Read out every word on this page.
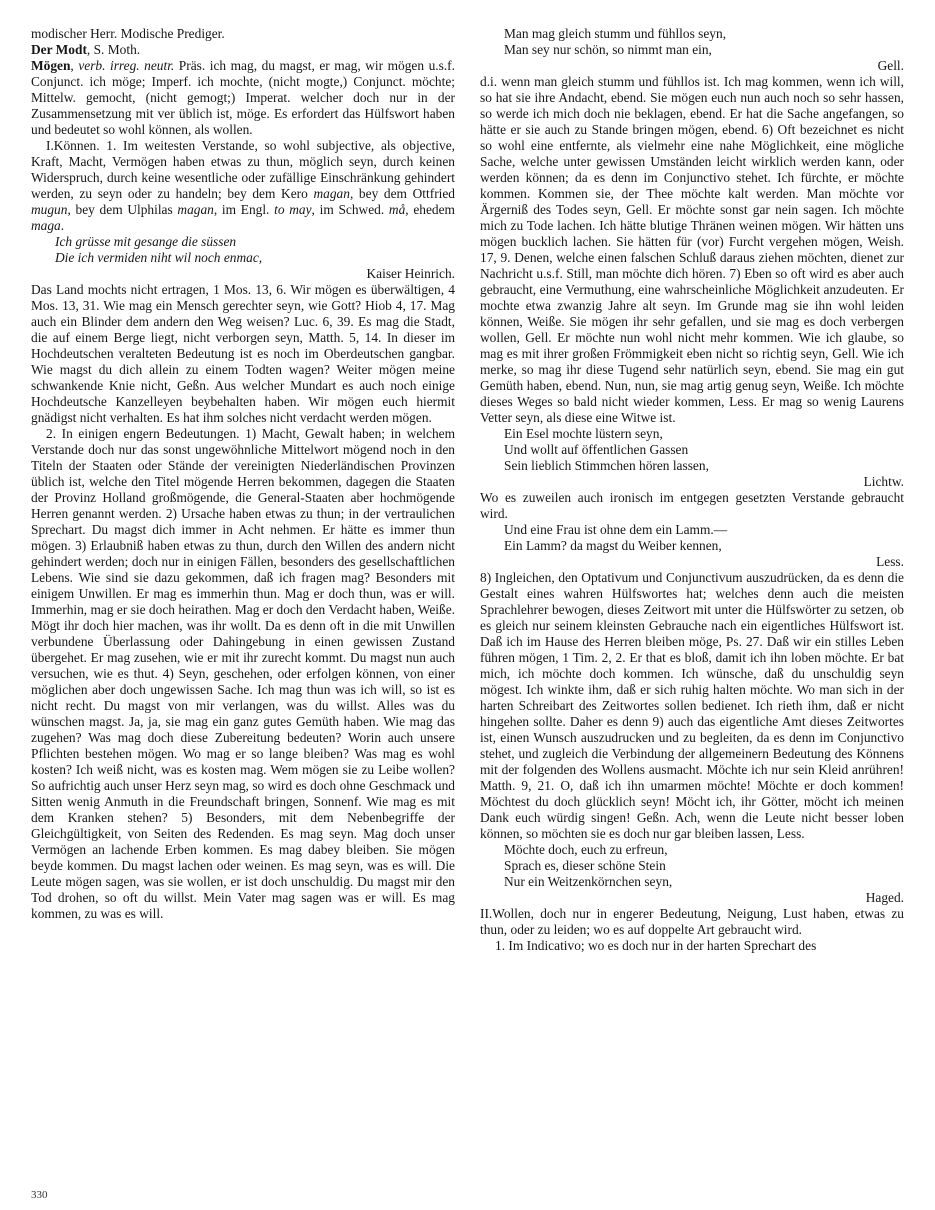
modischer Herr. Modische Prediger.
Der Modt, S. Moth.
Mögen, verb. irreg. neutr. Präs. ich mag, du magst, er mag, wir mögen u.s.f. Conjunct. ich möge; Imperf. ich mochte, (nicht mogte,) Conjunct. möchte; Mittelw. gemocht, (nicht gemogt;) Imperat. welcher doch nur in der Zusammensetzung mit ver üblich ist, möge. Es erfordert das Hülfswort haben und bedeutet so wohl können, als wollen.
I.Können. 1. Im weitesten Verstande, so wohl subjective, als objective, Kraft, Macht, Vermögen haben etwas zu thun, möglich seyn, durch keinen Widerspruch, durch keine wesentliche oder zufällige Einschränkung gehindert werden, zu seyn oder zu handeln; bey dem Kero magan, bey dem Ottfried mugun, bey dem Ulphilas magan, im Engl. to may, im Schwed. må, ehedem maga.
Ich grüsse mit gesange die süssen
Die ich vermiden niht wil noch enmac,
Kaiser Heinrich.
Das Land mochts nicht ertragen, 1 Mos. 13, 6. Wir mögen es überwältigen, 4 Mos. 13, 31. Wie mag ein Mensch gerechter seyn, wie Gott? Hiob 4, 17. Mag auch ein Blinder dem andern den Weg weisen? Luc. 6, 39. Es mag die Stadt, die auf einem Berge liegt, nicht verborgen seyn, Matth. 5, 14. In dieser im Hochdeutschen veralteten Bedeutung ist es noch im Oberdeutschen gangbar. Wie magst du dich allein zu einem Todten wagen? Weiter mögen meine schwankende Knie nicht, Geßn. Aus welcher Mundart es auch noch einige Hochdeutsche Kanzelleyen beybehalten haben. Wir mögen euch hiermit gnädigst nicht verhalten. Es hat ihm solches nicht verdacht werden mögen.
2. In einigen engern Bedeutungen. 1) Macht, Gewalt haben; in welchem Verstande doch nur das sonst ungewöhnliche Mittelwort mögend noch in den Titeln der Staaten oder Stände der vereinigten Niederländischen Provinzen üblich ist, welche den Titel mögende Herren bekommen, dagegen die Staaten der Provinz Holland großmögende, die General-Staaten aber hochmögende Herren genannt werden. 2) Ursache haben etwas zu thun; in der vertraulichen Sprechart. Du magst dich immer in Acht nehmen. Er hätte es immer thun mögen. 3) Erlaubniß haben etwas zu thun, durch den Willen des andern nicht gehindert werden; doch nur in einigen Fällen, besonders des gesellschaftlichen Lebens. Wie sind sie dazu gekommen, daß ich fragen mag? Besonders mit einigem Unwillen. Er mag es immerhin thun. Mag er doch thun, was er will. Immerhin, mag er sie doch heirathen. Mag er doch den Verdacht haben, Weiße. Mögt ihr doch hier machen, was ihr wollt. Da es denn oft in die mit Unwillen verbundene Überlassung oder Dahingebung in einen gewissen Zustand übergehet. Er mag zusehen, wie er mit ihr zurecht kommt. Du magst nun auch versuchen, wie es thut. 4) Seyn, geschehen, oder erfolgen können, von einer möglichen aber doch ungewissen Sache. Ich mag thun was ich will, so ist es nicht recht. Du magst von mir verlangen, was du willst. Alles was du wünschen magst. Ja, ja, sie mag ein ganz gutes Gemüth haben. Wie mag das zugehen? Was mag doch diese Zubereitung bedeuten? Worin auch unsere Pflichten bestehen mögen. Wo mag er so lange bleiben? Was mag es wohl kosten? Ich weiß nicht, was es kosten mag. Wem mögen sie zu Leibe wollen? So aufrichtig auch unser Herz seyn mag, so wird es doch ohne Geschmack und Sitten wenig Anmuth in die Freundschaft bringen, Sonnenf. Wie mag es mit dem Kranken stehen? 5) Besonders, mit dem Nebenbegriffe der Gleichgültigkeit, von Seiten des Redenden. Es mag seyn. Mag doch unser Vermögen an lachende Erben kommen. Es mag dabey bleiben. Sie mögen beyde kommen. Du magst lachen oder weinen. Es mag seyn, was es will. Die Leute mögen sagen, was sie wollen, er ist doch unschuldig. Du magst mir den Tod drohen, so oft du willst. Mein Vater mag sagen was er will. Es mag kommen, zu was es will.
Man mag gleich stumm und fühllos seyn,
Man sey nur schön, so nimmt man ein,
Gell.
d.i. wenn man gleich stumm und fühllos ist. Ich mag kommen, wenn ich will, so hat sie ihre Andacht, ebend. Sie mögen euch nun auch noch so sehr hassen, so werde ich mich doch nie beklagen, ebend. Er hat die Sache angefangen, so hätte er sie auch zu Stande bringen mögen, ebend. 6) Oft bezeichnet es nicht so wohl eine entfernte, als vielmehr eine nahe Möglichkeit, eine mögliche Sache, welche unter gewissen Umständen leicht wirklich werden kann, oder werden können; da es denn im Conjunctivo stehet. Ich fürchte, er möchte kommen. Kommen sie, der Thee möchte kalt werden. Man möchte vor Ärgerniß des Todes seyn, Gell. Er möchte sonst gar nein sagen. Ich möchte mich zu Tode lachen. Ich hätte blutige Thränen weinen mögen. Wir hätten uns mögen bucklich lachen. Sie hätten für (vor) Furcht vergehen mögen, Weish. 17, 9. Denen, welche einen falschen Schluß daraus ziehen möchten, dienet zur Nachricht u.s.f. Still, man möchte dich hören. 7) Eben so oft wird es aber auch gebraucht, eine Vermuthung, eine wahrscheinliche Möglichkeit anzudeuten. Er mochte etwa zwanzig Jahre alt seyn. Im Grunde mag sie ihn wohl leiden können, Weiße. Sie mögen ihr sehr gefallen, und sie mag es doch verbergen wollen, Gell. Er möchte nun wohl nicht mehr kommen. Wie ich glaube, so mag es mit ihrer großen Frömmigkeit eben nicht so richtig seyn, Gell. Wie ich merke, so mag ihr diese Tugend sehr natürlich seyn, ebend. Sie mag ein gut Gemüth haben, ebend. Nun, nun, sie mag artig genug seyn, Weiße. Ich möchte dieses Weges so bald nicht wieder kommen, Less. Er mag so wenig Laurens Vetter seyn, als diese eine Witwe ist.
Ein Esel mochte lüstern seyn,
Und wollt auf öffentlichen Gassen
Sein lieblich Stimmchen hören lassen,
Lichtw.
Wo es zuweilen auch ironisch im entgegen gesetzten Verstande gebraucht wird.
Und eine Frau ist ohne dem ein Lamm.—
Ein Lamm? da magst du Weiber kennen,
Less.
8) Ingleichen, den Optativum und Conjunctivum auszudrücken, da es denn die Gestalt eines wahren Hülfswortes hat; welches denn auch die meisten Sprachlehrer bewogen, dieses Zeitwort mit unter die Hülfswörter zu setzen, ob es gleich nur seinem kleinsten Gebrauche nach ein eigentliches Hülfswort ist. Daß ich im Hause des Herren bleiben möge, Ps. 27. Daß wir ein stilles Leben führen mögen, 1 Tim. 2, 2. Er that es bloß, damit ich ihn loben möchte. Er bat mich, ich möchte doch kommen. Ich wünsche, daß du unschuldig seyn mögest. Ich winkte ihm, daß er sich ruhig halten möchte. Wo man sich in der harten Schreibart des Zeitwortes sollen bedienet. Ich rieth ihm, daß er nicht hingehen sollte. Daher es denn 9) auch das eigentliche Amt dieses Zeitwortes ist, einen Wunsch auszudrucken und zu begleiten, da es denn im Conjunctivo stehet, und zugleich die Verbindung der allgemeinern Bedeutung des Könnens mit der folgenden des Wollens ausmacht. Möchte ich nur sein Kleid anrühren! Matth. 9, 21. O, daß ich ihn umarmen möchte! Möchte er doch kommen! Möchtest du doch glücklich seyn! Möcht ich, ihr Götter, möcht ich meinen Dank euch würdig singen! Geßn. Ach, wenn die Leute nicht besser loben können, so möchten sie es doch nur gar bleiben lassen, Less.
Möchte doch, euch zu erfreun,
Sprach es, dieser schöne Stein
Nur ein Weitzenkörnchen seyn,
Haged.
II.Wollen, doch nur in engerer Bedeutung, Neigung, Lust haben, etwas zu thun, oder zu leiden; wo es auf doppelte Art gebraucht wird.
1. Im Indicativo; wo es doch nur in der harten Sprechart des
330
